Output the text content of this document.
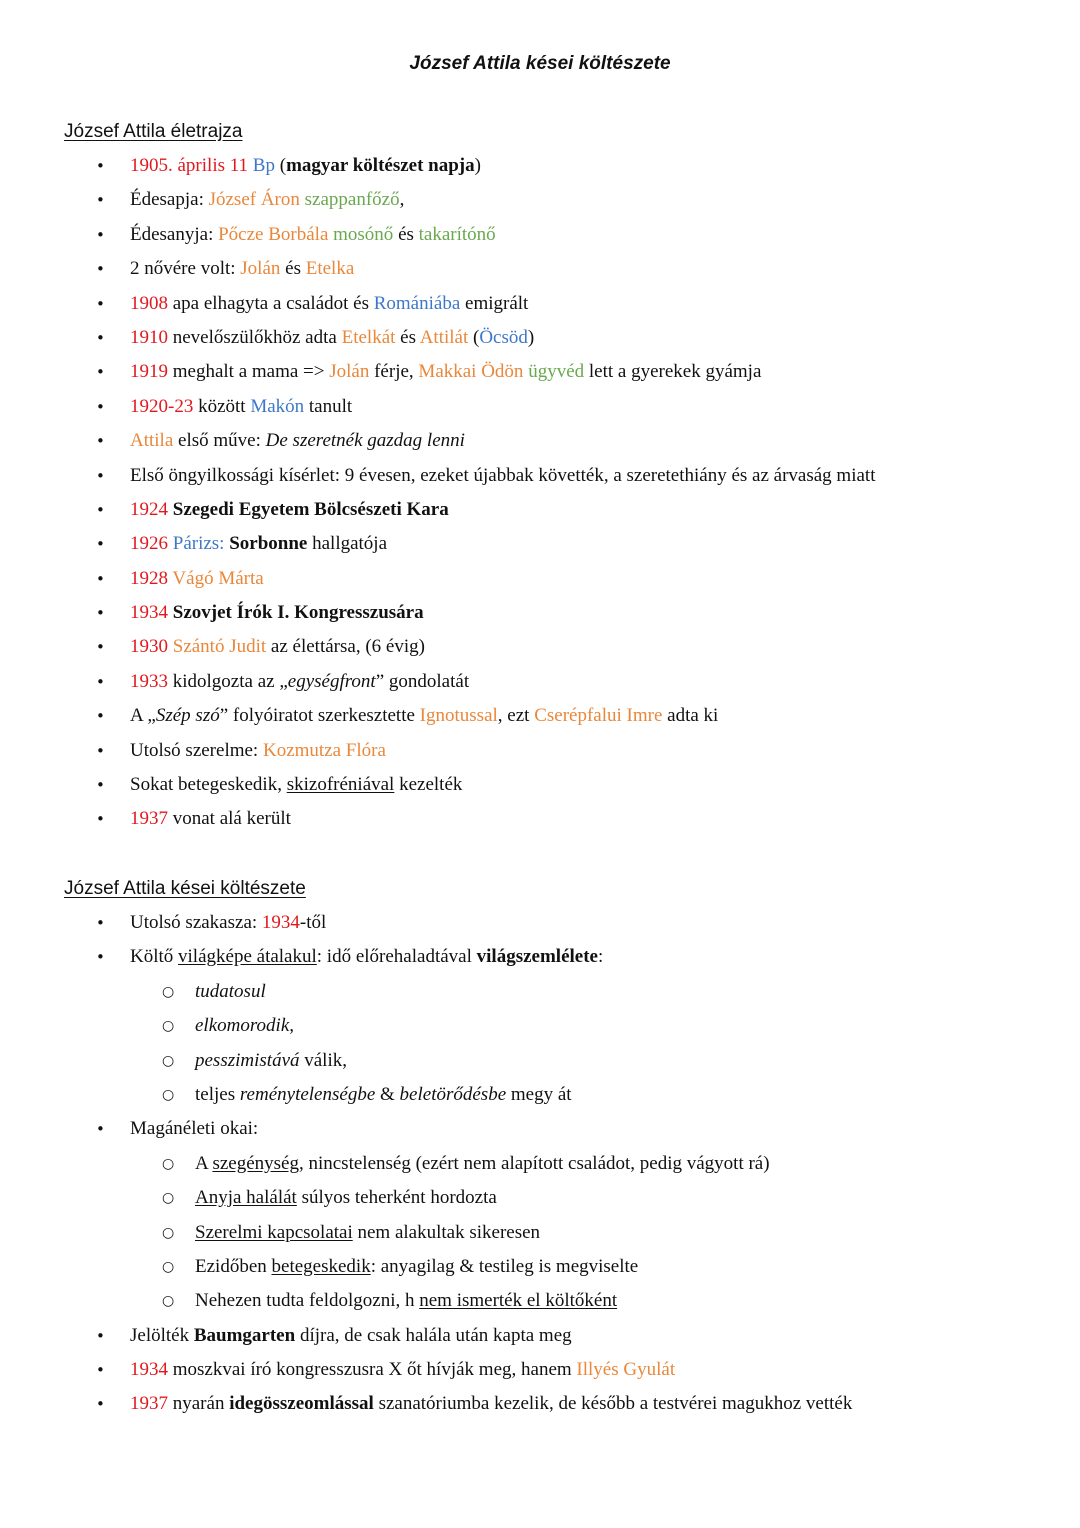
József Attila kései költészete
József Attila életrajza
• 1905. április 11 Bp (magyar költészet napja)
• Édesapja: József Áron szappanfőző,
• Édesanyja: Pőcze Borbála mosónő és takarítónő
• 2 nővére volt: Jolán és Etelka
• 1908 apa elhagyta a családot és Romániába emigrált
• 1910 nevelőszülőkhöz adta Etelkát és Attilát (Öcsöd)
• 1919 meghalt a mama => Jolán férje, Makkai Ödön ügyvéd lett a gyerekek gyámja
• 1920-23 között Makón tanult
• Attila első műve: De szeretnék gazdag lenni
• Első öngyilkossági kísérlet: 9 évesen, ezeket újabbak követték, a szeretethiány és az árvaság miatt
• 1924 Szegedi Egyetem Bölcsészeti Kara
• 1926 Párizs: Sorbonne hallgatója
• 1928 Vágó Márta
• 1934 Szovjet Írók I. Kongresszusára
• 1930 Szántó Judit az élettársa, (6 évig)
• 1933 kidolgozta az „egységfront” gondolatát
• A „Szép szó” folyóiratot szerkesztette Ignotussal, ezt Cserépfalui Imre adta ki
• Utolsó szerelme: Kozmutza Flóra
• Sokat betegeskedik, skizofréniával kezelték
• 1937 vonat alá került
József Attila kései költészete
• Utolsó szakasza: 1934-től
• Költő világképe átalakul: idő előrehaladtával világszemlélete:
○ tudatosul
○ elkomorodik,
○ pesszimistává válik,
○ teljes reménytelenségbe & beletörődésbe megy át
• Magánéleti okai:
○ A szegénység, nincstelenség (ezért nem alapított családot, pedig vágyott rá)
○ Anyja halálát súlyos teherként hordozta
○ Szerelmi kapcsolatai nem alakultak sikeresen
○ Ezidőben betegeskedik: anyagilag & testileg is megviselte
○ Nehezen tudta feldolgozni, h nem ismerték el költőként
• Jelölték Baumgarten díjra, de csak halála után kapta meg
• 1934 moszkvai író kongresszusra X őt hívják meg, hanem Illyés Gyulát
• 1937 nyarán idegösszeomlással szanatóriumba kezelik, de később a testvérei magukhoz vették
